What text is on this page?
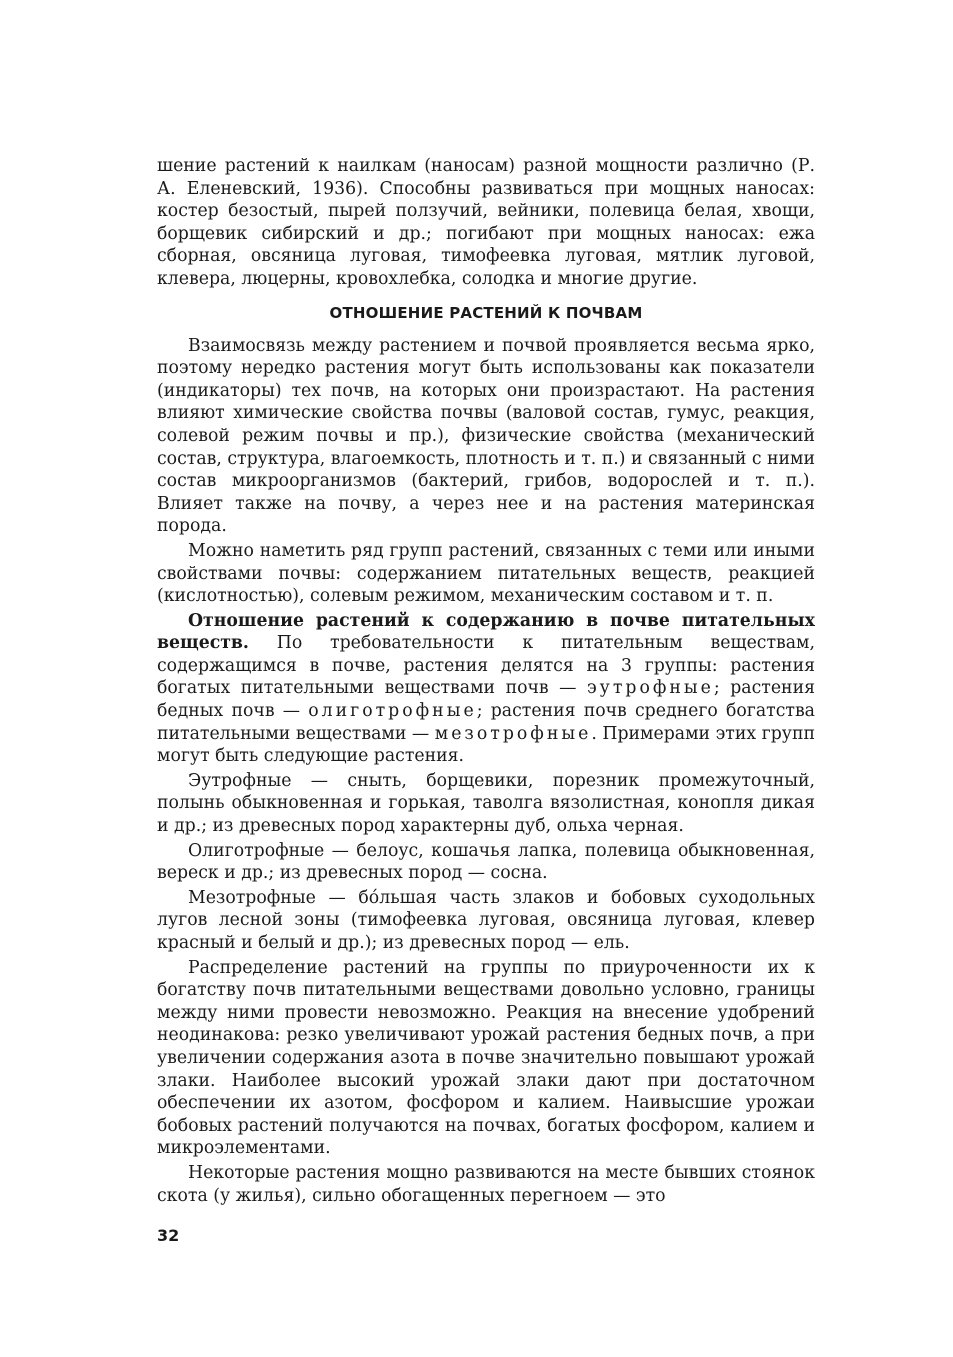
шение растений к наилкам (наносам) разной мощности различно (Р. А. Еленевский, 1936). Способны развиваться при мощных наносах: костер безостый, пырей ползучий, вейники, полевица белая, хвощи, борщевик сибирский и др.; погибают при мощных наносах: ежа сборная, овсяница луговая, тимофеевка луговая, мятлик луговой, клевера, люцерны, кровохлебка, солодка и многие другие.

ОТНОШЕНИЕ РАСТЕНИЙ К ПОЧВАМ

Взаимосвязь между растением и почвой проявляется весьма ярко, поэтому нередко растения могут быть использованы как показатели (индикаторы) тех почв, на которых они произрастают. На растения влияют химические свойства почвы (валовой состав, гумус, реакция, солевой режим почвы и пр.), физические свойства (механический состав, структура, влагоемкость, плотность и т. п.) и связанный с ними состав микроорганизмов (бактерий, грибов, водорослей и т. п.). Влияет также на почву, а через нее и на растения материнская порода.

Можно наметить ряд групп растений, связанных с теми или иными свойствами почвы: содержанием питательных веществ, реакцией (кислотностью), солевым режимом, механическим составом и т. п.

Отношение растений к содержанию в почве питательных веществ. По требовательности к питательным веществам, содержащимся в почве, растения делятся на 3 группы: растения богатых питательными веществами почв — эутрофные; растения бедных почв — олиготрофные; растения почв среднего богатства питательными веществами — мезотрофные. Примерами этих групп могут быть следующие растения.

Эутрофные — сныть, борщевики, порезник промежуточный, полынь обыкновенная и горькая, таволга вязолистная, конопля дикая и др.; из древесных пород характерны дуб, ольха черная.

Олиготрофные — белоус, кошачья лапка, полевица обыкновенная, вереск и др.; из древесных пород — сосна.

Мезотрофные — бо́льшая часть злаков и бобовых суходольных лугов лесной зоны (тимофеевка луговая, овсяница луговая, клевер красный и белый и др.); из древесных пород — ель.

Распределение растений на группы по приуроченности их к богатству почв питательными веществами довольно условно, границы между ними провести невозможно. Реакция на внесение удобрений неодинакова: резко увеличивают урожай растения бедных почв, а при увеличении содержания азота в почве значительно повышают урожай злаки. Наиболее высокий урожай злаки дают при достаточном обеспечении их азотом, фосфором и калием. Наивысшие урожаи бобовых растений получаются на почвах, богатых фосфором, калием и микроэлементами.

Некоторые растения мощно развиваются на месте бывших стоянок скота (у жилья), сильно обогащенных перегноем — это

32
